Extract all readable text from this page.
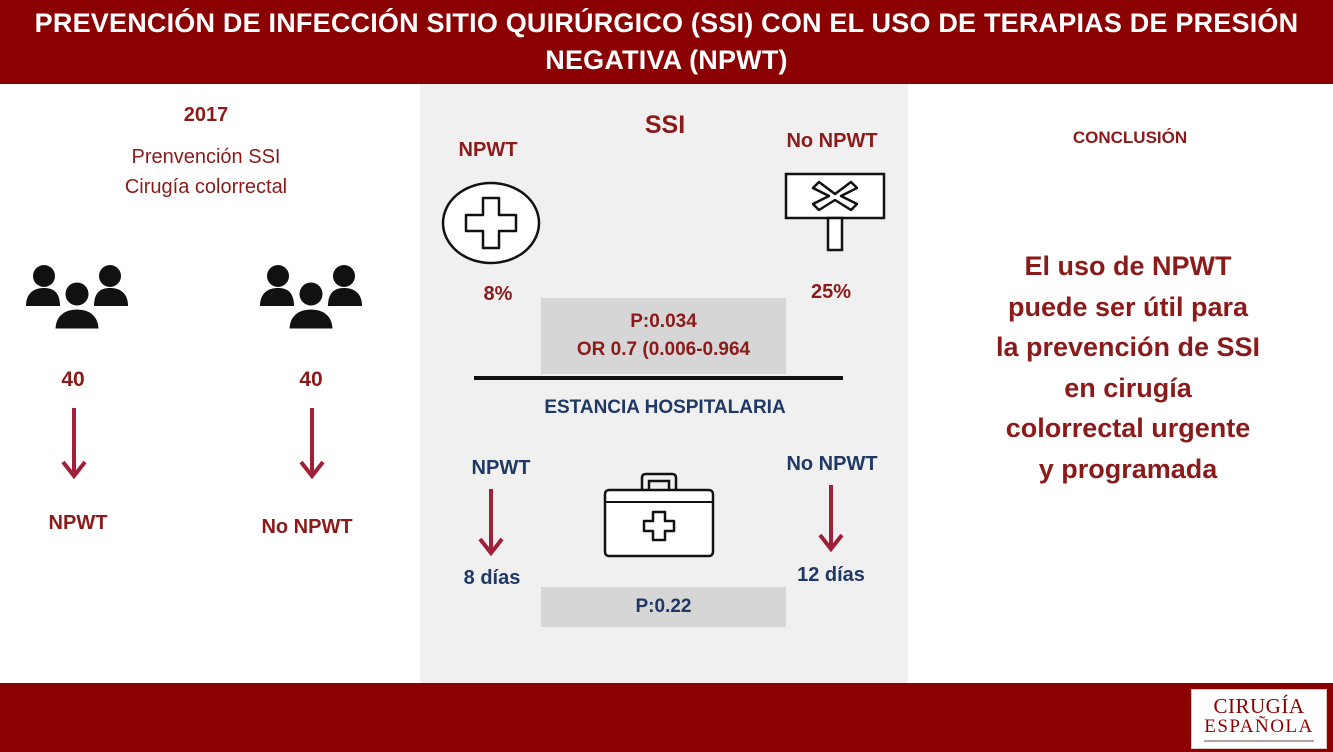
PREVENCIÓN DE INFECCIÓN SITIO QUIRÚRGICO (SSI) CON EL USO DE TERAPIAS DE PRESIÓN NEGATIVA (NPWT)
2017
Prenvención SSI
Cirugía colorrectal
40	40
NPWT	No NPWT
SSI
NPWT	No NPWT
8%	25%
P:0.034
OR 0.7 (0.006-0.964
ESTANCIA HOSPITALARIA
NPWT	No NPWT
8 días	12 días
P:0.22
CONCLUSIÓN
El uso de NPWT
puede ser útil para
la prevención de SSI
en cirugía
colorrectal urgente
y programada
CIRUGÍA
ESPAÑOLA
